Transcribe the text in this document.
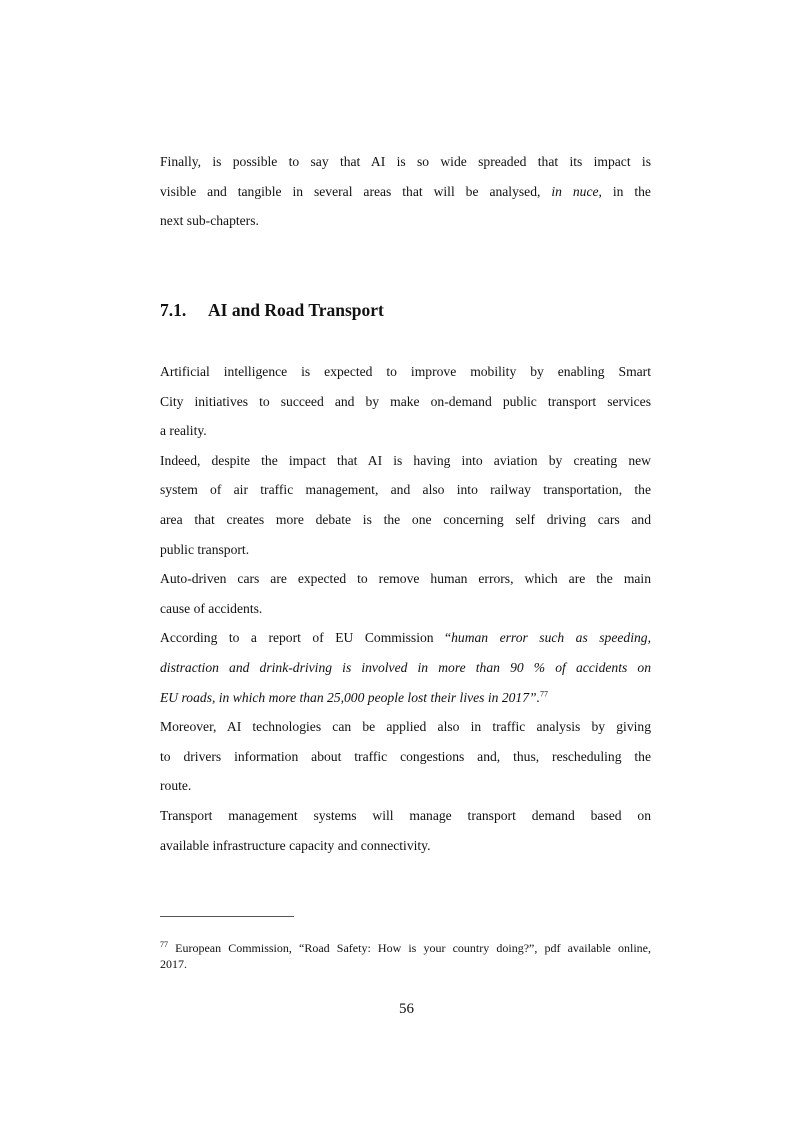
Finally, is possible to say that AI is so wide spreaded that its impact is
visible and tangible in several areas that will be analysed, in nuce, in the
next sub-chapters.
7.1. AI and Road Transport
Artificial intelligence is expected to improve mobility by enabling Smart
City initiatives to succeed and by make on-demand public transport services
a reality.
Indeed, despite the impact that AI is having into aviation by creating new
system of air traffic management, and also into railway transportation, the
area that creates more debate is the one concerning self driving cars and
public transport.
Auto-driven cars are expected to remove human errors, which are the main
cause of accidents.
According to a report of EU Commission “human error such as speeding,
distraction and drink-driving is involved in more than 90 % of accidents on
EU roads, in which more than 25,000 people lost their lives in 2017”.$^{77}$
Moreover, AI technologies can be applied also in traffic analysis by giving
to drivers information about traffic congestions and, thus, rescheduling the
route.
Transport management systems will manage transport demand based on
available infrastructure capacity and connectivity.
$^{77}$ European Commission, “Road Safety: How is your country doing?”, pdf available online,
2017.
56
